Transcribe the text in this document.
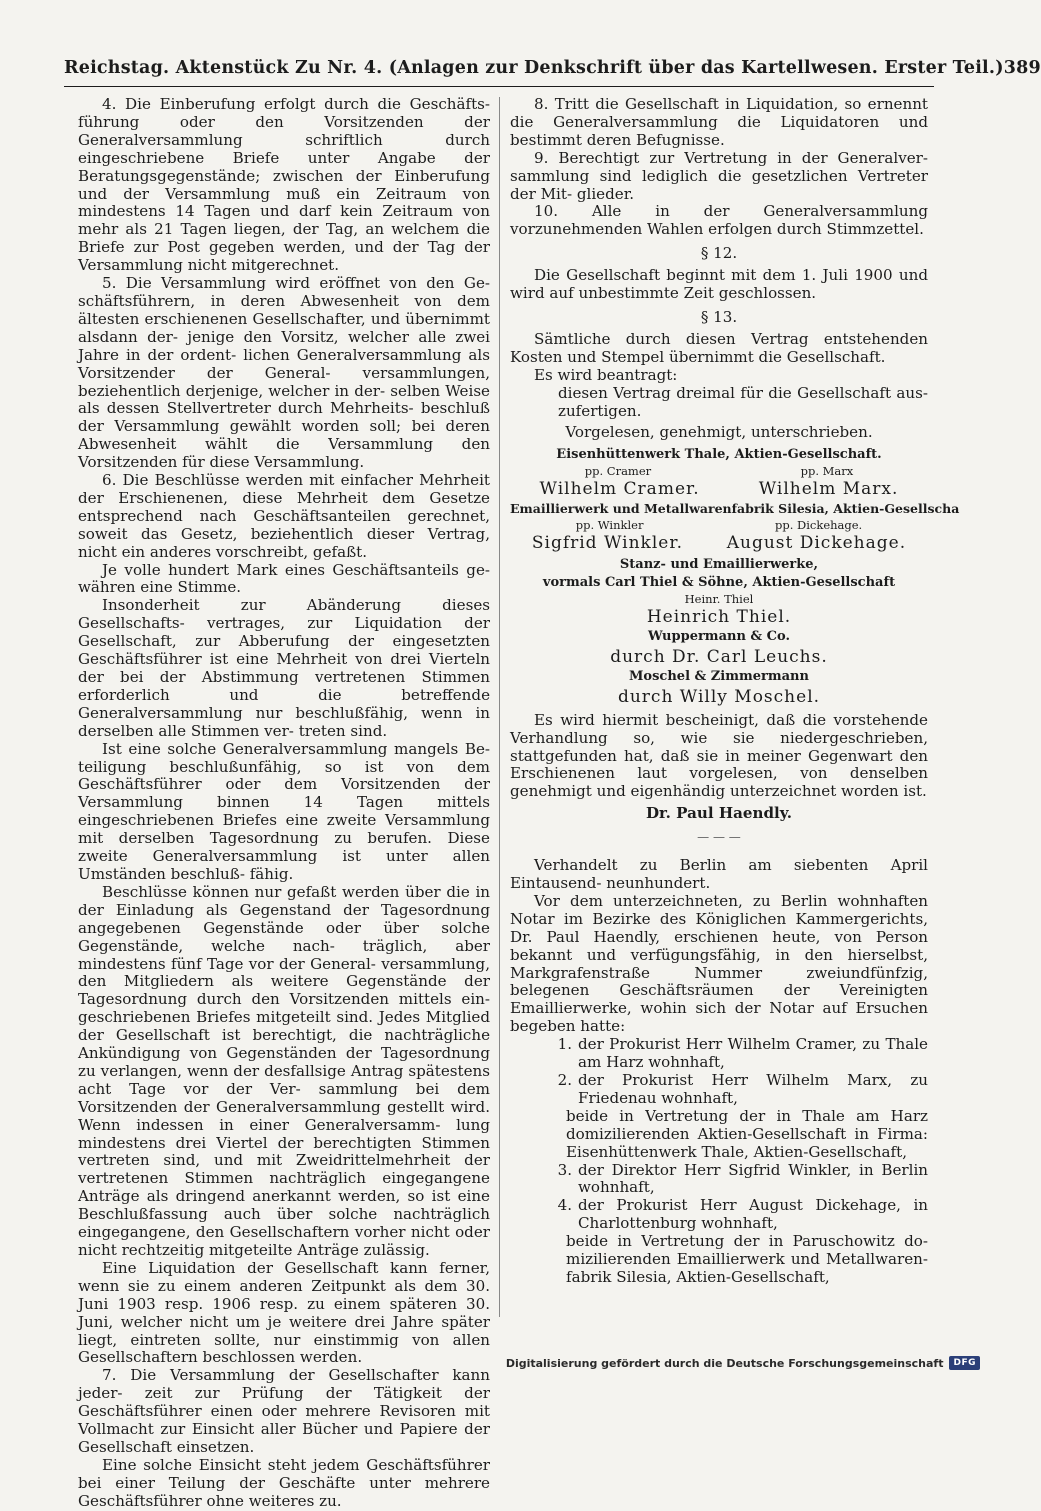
Reichstag. Aktenstück Zu Nr. 4. (Anlagen zur Denkschrift über das Kartellwesen. Erster Teil.) 389

4. Die Einberufung erfolgt durch die Geschäfts- führung oder den Vorsitzenden der Generalversammlung schriftlich durch eingeschriebene Briefe unter Angabe der Beratungsgegenstände; zwischen der Einberufung und der Versammlung muß ein Zeitraum von mindestens 14 Tagen und darf kein Zeitraum von mehr als 21 Tagen liegen, der Tag, an welchem die Briefe zur Post gegeben werden, und der Tag der Versammlung nicht mitgerechnet.

5. Die Versammlung wird eröffnet von den Ge- schäftsführern, in deren Abwesenheit von dem ältesten erschienenen Gesellschafter, und übernimmt alsdann der- jenige den Vorsitz, welcher alle zwei Jahre in der ordent- lichen Generalversammlung als Vorsitzender der General- versammlungen, beziehentlich derjenige, welcher in der- selben Weise als dessen Stellvertreter durch Mehrheits- beschluß der Versammlung gewählt worden soll; bei deren Abwesenheit wählt die Versammlung den Vorsitzenden für diese Versammlung.

6. Die Beschlüsse werden mit einfacher Mehrheit der Erschienenen, diese Mehrheit dem Gesetze entsprechend nach Geschäftsanteilen gerechnet, soweit das Gesetz, beziehentlich dieser Vertrag, nicht ein anderes vorschreibt, gefaßt.

Je volle hundert Mark eines Geschäftsanteils ge- währen eine Stimme.

Insonderheit zur Abänderung dieses Gesellschafts- vertrages, zur Liquidation der Gesellschaft, zur Abberufung der eingesetzten Geschäftsführer ist eine Mehrheit von drei Vierteln der bei der Abstimmung vertretenen Stimmen erforderlich und die betreffende Generalversammlung nur beschlußfähig, wenn in derselben alle Stimmen ver- treten sind.

Ist eine solche Generalversammlung mangels Be- teiligung beschlußunfähig, so ist von dem Geschäftsführer oder dem Vorsitzenden der Versammlung binnen 14 Tagen mittels eingeschriebenen Briefes eine zweite Versammlung mit derselben Tagesordnung zu berufen. Diese zweite Generalversammlung ist unter allen Umständen beschluß- fähig.

Beschlüsse können nur gefaßt werden über die in der Einladung als Gegenstand der Tagesordnung angegebenen Gegenstände oder über solche Gegenstände, welche nach- träglich, aber mindestens fünf Tage vor der General- versammlung, den Mitgliedern als weitere Gegenstände der Tagesordnung durch den Vorsitzenden mittels ein- geschriebenen Briefes mitgeteilt sind. Jedes Mitglied der Gesellschaft ist berechtigt, die nachträgliche Ankündigung von Gegenständen der Tagesordnung zu verlangen, wenn der desfallsige Antrag spätestens acht Tage vor der Ver- sammlung bei dem Vorsitzenden der Generalversammlung gestellt wird. Wenn indessen in einer Generalversamm- lung mindestens drei Viertel der berechtigten Stimmen vertreten sind, und mit Zweidrittelmehrheit der vertretenen Stimmen nachträglich eingegangene Anträge als dringend anerkannt werden, so ist eine Beschlußfassung auch über solche nachträglich eingegangene, den Gesellschaftern vorher nicht oder nicht rechtzeitig mitgeteilte Anträge zulässig.

Eine Liquidation der Gesellschaft kann ferner, wenn sie zu einem anderen Zeitpunkt als dem 30. Juni 1903 resp. 1906 resp. zu einem späteren 30. Juni, welcher nicht um je weitere drei Jahre später liegt, eintreten sollte, nur einstimmig von allen Gesellschaftern beschlossen werden.

7. Die Versammlung der Gesellschafter kann jeder- zeit zur Prüfung der Tätigkeit der Geschäftsführer einen oder mehrere Revisoren mit Vollmacht zur Einsicht aller Bücher und Papiere der Gesellschaft einsetzen.

Eine solche Einsicht steht jedem Geschäftsführer bei einer Teilung der Geschäfte unter mehrere Geschäftsführer ohne weiteres zu.

8. Tritt die Gesellschaft in Liquidation, so ernennt die Generalversammlung die Liquidatoren und bestimmt deren Befugnisse.

9. Berechtigt zur Vertretung in der Generalver- sammlung sind lediglich die gesetzlichen Vertreter der Mit- glieder.

10. Alle in der Generalversammlung vorzunehmenden Wahlen erfolgen durch Stimmzettel.

§ 12.

Die Gesellschaft beginnt mit dem 1. Juli 1900 und wird auf unbestimmte Zeit geschlossen.

§ 13.

Sämtliche durch diesen Vertrag entstehenden Kosten und Stempel übernimmt die Gesellschaft.

Es wird beantragt:

diesen Vertrag dreimal für die Gesellschaft aus- zufertigen.

Vorgelesen, genehmigt, unterschrieben.

Eisenhüttenwerk Thale, Aktien-Gesellschaft.

pp. Cramer	pp. Marx
Wilhelm Cramer.	Wilhelm Marx.

Emaillierwerk und Metallwarenfabrik Silesia, Aktien-Gesellscha

pp. Winkler	pp. Dickehage.
Sigfrid Winkler.	August Dickehage.

Stanz- und Emaillierwerke,

vormals Carl Thiel & Söhne, Aktien-Gesellschaft

Heinr. Thiel

Heinrich Thiel.

Wuppermann & Co.

durch Dr. Carl Leuchs.

Moschel & Zimmermann

durch Willy Moschel.

Es wird hiermit bescheinigt, daß die vorstehende Verhandlung so, wie sie niedergeschrieben, stattgefunden hat, daß sie in meiner Gegenwart den Erschienenen laut vorgelesen, von denselben genehmigt und eigenhändig unterzeichnet worden ist.

Dr. Paul Haendly.

— — —

Verhandelt zu Berlin am siebenten April Eintausend- neunhundert.

Vor dem unterzeichneten, zu Berlin wohnhaften Notar im Bezirke des Königlichen Kammergerichts, Dr. Paul Haendly, erschienen heute, von Person bekannt und verfügungsfähig, in den hierselbst, Markgrafenstraße Nummer zweiundfünfzig, belegenen Geschäftsräumen der Vereinigten Emaillierwerke, wohin sich der Notar auf Ersuchen begeben hatte:

1. der Prokurist Herr Wilhelm Cramer, zu Thale am Harz wohnhaft,
2. der Prokurist Herr Wilhelm Marx, zu Friedenau wohnhaft,

beide in Vertretung der in Thale am Harz domizilierenden Aktien-Gesellschaft in Firma: Eisenhüttenwerk Thale, Aktien-Gesellschaft,

3. der Direktor Herr Sigfrid Winkler, in Berlin wohnhaft,
4. der Prokurist Herr August Dickehage, in Charlottenburg wohnhaft,

beide in Vertretung der in Paruschowitz do- mizilierenden Emaillierwerk und Metallwaren- fabrik Silesia, Aktien-Gesellschaft,

Digitalisierung gefördert durch die Deutsche Forschungsgemeinschaft	DFG
